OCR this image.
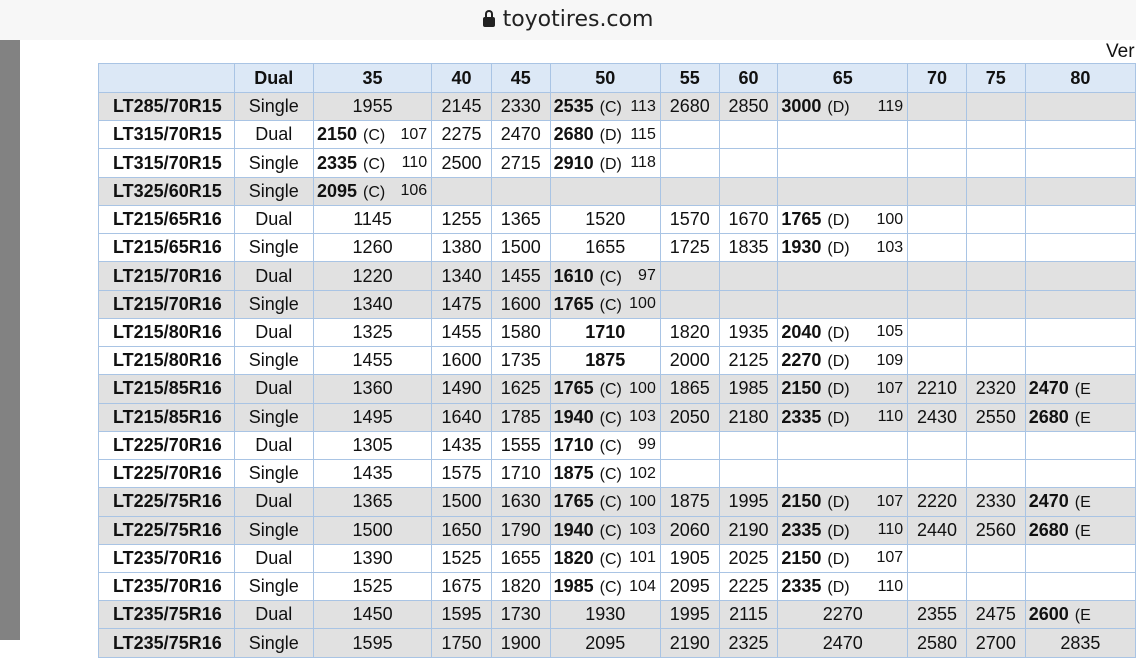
toyotires.com
Ver
	Dual	35	40	45	50	55	60	65	70	75	80
LT285/70R15	Single	1955	2145	2330	2535 (C) 113	2680	2850	3000 (D) 119			

LT315/70R15	Dual	2150 (C) 107	2275	2470	2680 (D) 115						

LT315/70R15	Single	2335 (C) 110	2500	2715	2910 (D) 118						

LT325/60R15	Single	2095 (C) 106									

LT215/65R16	Dual	1145	1255	1365	1520	1570	1670	1765 (D) 100			

LT215/65R16	Single	1260	1380	1500	1655	1725	1835	1930 (D) 103			

LT215/70R16	Dual	1220	1340	1455	1610 (C) 97						

LT215/70R16	Single	1340	1475	1600	1765 (C) 100						

LT215/80R16	Dual	1325	1455	1580	1710	1820	1935	2040 (D) 105			

LT215/80R16	Single	1455	1600	1735	1875	2000	2125	2270 (D) 109			

LT215/85R16	Dual	1360	1490	1625	1765 (C) 100	1865	1985	2150 (D) 107	2210	2320	2470 (E
LT215/85R16	Single	1495	1640	1785	1940 (C) 103	2050	2180	2335 (D) 110	2430	2550	2680 (E
LT225/70R16	Dual	1305	1435	1555	1710 (C) 99						

LT225/70R16	Single	1435	1575	1710	1875 (C) 102						

LT225/75R16	Dual	1365	1500	1630	1765 (C) 100	1875	1995	2150 (D) 107	2220	2330	2470 (E
LT225/75R16	Single	1500	1650	1790	1940 (C) 103	2060	2190	2335 (D) 110	2440	2560	2680 (E
LT235/70R16	Dual	1390	1525	1655	1820 (C) 101	1905	2025	2150 (D) 107			

LT235/70R16	Single	1525	1675	1820	1985 (C) 104	2095	2225	2335 (D) 110			

LT235/75R16	Dual	1450	1595	1730	1930	1995	2115	2270	2355	2475	2600 (E
LT235/75R16	Single	1595	1750	1900	2095	2190	2325	2470	2580	2700	2835
